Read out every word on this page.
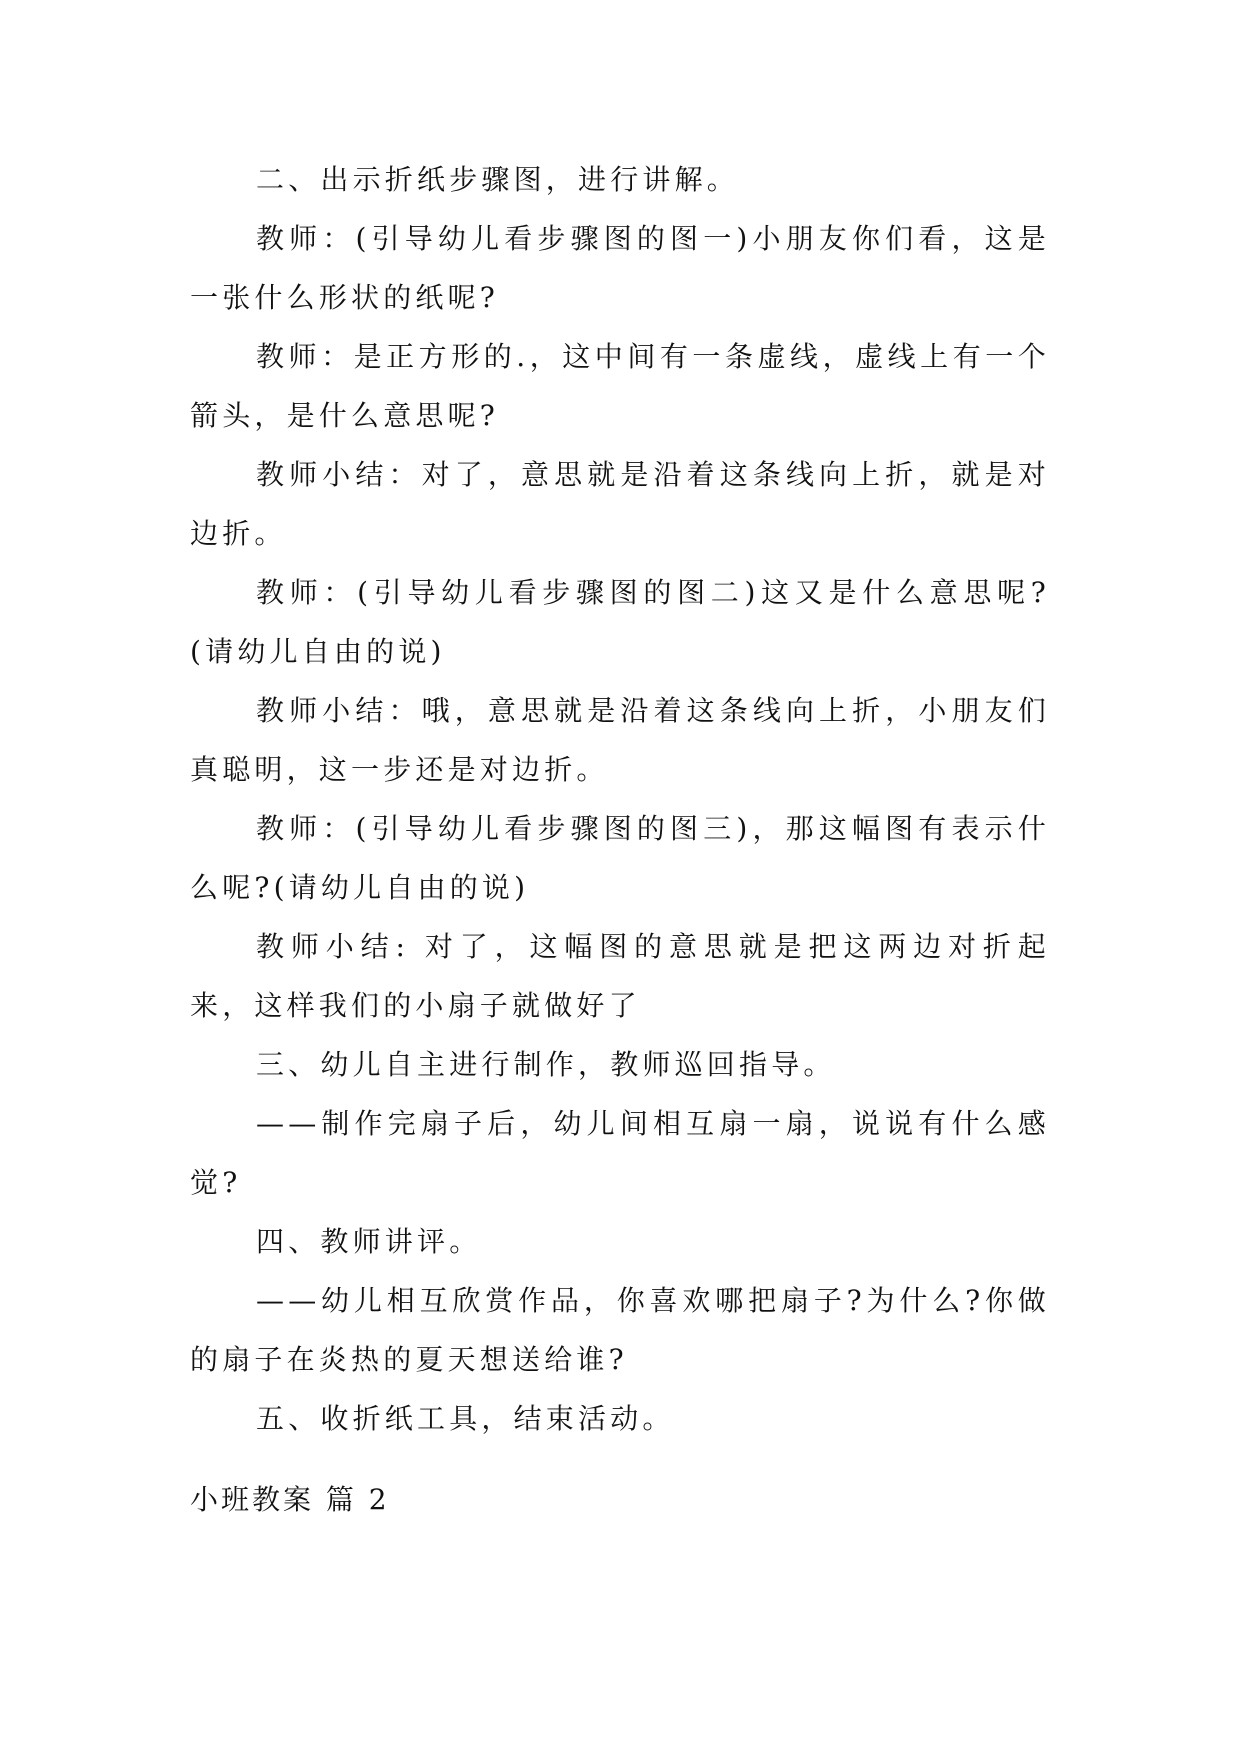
二、出示折纸步骤图，进行讲解。

教师：(引导幼儿看步骤图的图一)小朋友你们看，这是一张什么形状的纸呢?

教师：是正方形的.，这中间有一条虚线，虚线上有一个箭头，是什么意思呢?

教师小结：对了，意思就是沿着这条线向上折，就是对边折。

教师：(引导幼儿看步骤图的图二)这又是什么意思呢?(请幼儿自由的说)

教师小结：哦，意思就是沿着这条线向上折，小朋友们真聪明，这一步还是对边折。

教师：(引导幼儿看步骤图的图三)，那这幅图有表示什么呢?(请幼儿自由的说)

教师小结: 对了，这幅图的意思就是把这两边对折起来，这样我们的小扇子就做好了

三、幼儿自主进行制作，教师巡回指导。

——制作完扇子后，幼儿间相互扇一扇，说说有什么感觉?

四、教师讲评。

——幼儿相互欣赏作品，你喜欢哪把扇子?为什么?你做的扇子在炎热的夏天想送给谁?

五、收折纸工具，结束活动。

小班教案 篇 2
